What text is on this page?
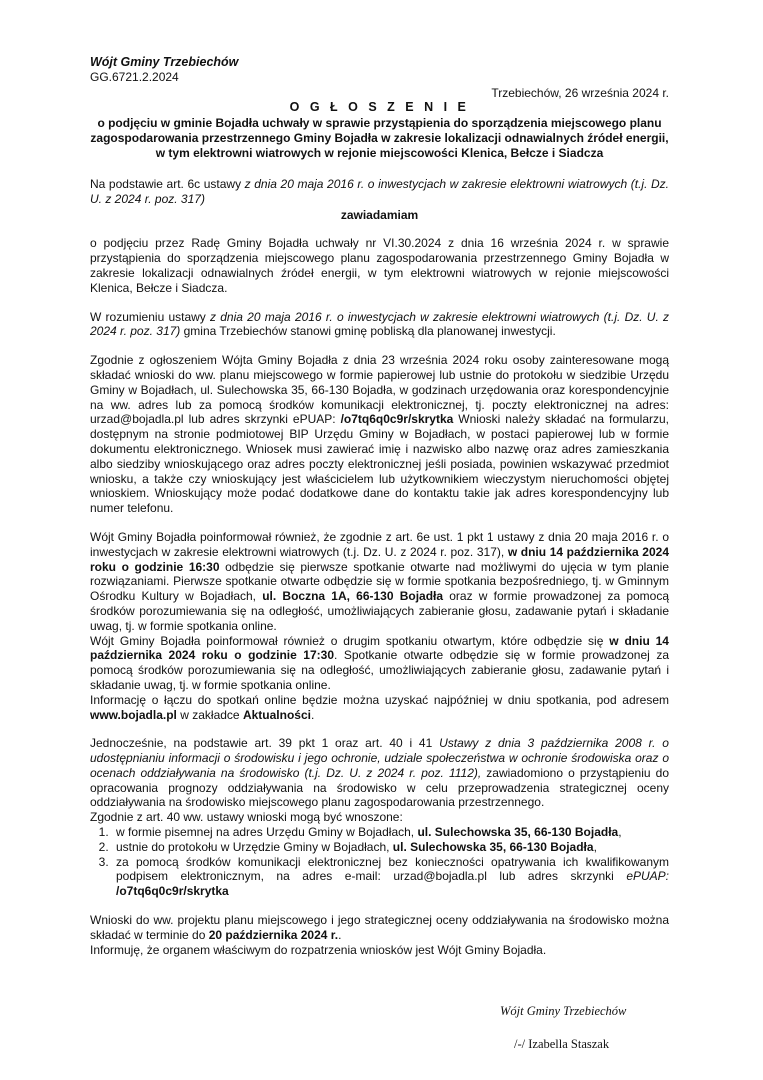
Wójt Gminy Trzebiechów
GG.6721.2.2024
Trzebiechów, 26 września 2024 r.
O G Ł O S Z E N I E
o podjęciu w gminie Bojadła uchwały w sprawie przystąpienia do sporządzenia miejscowego planu zagospodarowania przestrzennego Gminy Bojadła w zakresie lokalizacji odnawialnych źródeł energii, w tym elektrowni wiatrowych w rejonie miejscowości Klenica, Bełcze i Siadcza

Na podstawie art. 6c ustawy z dnia 20 maja 2016 r. o inwestycjach w zakresie elektrowni wiatrowych (t.j. Dz. U. z 2024 r. poz. 317)

zawiadamiam

o podjęciu przez Radę Gminy Bojadła uchwały nr VI.30.2024 z dnia 16 września 2024 r. w sprawie przystąpienia do sporządzenia miejscowego planu zagospodarowania przestrzennego Gminy Bojadła w zakresie lokalizacji odnawialnych źródeł energii, w tym elektrowni wiatrowych w rejonie miejscowości Klenica, Bełcze i Siadcza.

W rozumieniu ustawy z dnia 20 maja 2016 r. o inwestycjach w zakresie elektrowni wiatrowych (t.j. Dz. U. z 2024 r. poz. 317) gmina Trzebiechów stanowi gminę pobliską dla planowanej inwestycji.

Zgodnie z ogłoszeniem Wójta Gminy Bojadła z dnia 23 września 2024 roku osoby zainteresowane mogą składać wnioski do ww. planu miejscowego w formie papierowej lub ustnie do protokołu w siedzibie Urzędu Gminy w Bojadłach, ul. Sulechowska 35, 66-130 Bojadła, w godzinach urzędowania oraz korespondencyjnie na ww. adres lub za pomocą środków komunikacji elektronicznej, tj. poczty elektronicznej na adres: urzad@bojadla.pl lub adres skrzynki ePUAP: /o7tq6q0c9r/skrytka Wnioski należy składać na formularzu, dostępnym na stronie podmiotowej BIP Urzędu Gminy w Bojadłach, w postaci papierowej lub w formie dokumentu elektronicznego. Wniosek musi zawierać imię i nazwisko albo nazwę oraz adres zamieszkania albo siedziby wnioskującego oraz adres poczty elektronicznej jeśli posiada, powinien wskazywać przedmiot wniosku, a także czy wnioskujący jest właścicielem lub użytkownikiem wieczystym nieruchomości objętej wnioskiem. Wnioskujący może podać dodatkowe dane do kontaktu takie jak adres korespondencyjny lub numer telefonu.

Wójt Gminy Bojadła poinformował również, że zgodnie z art. 6e ust. 1 pkt 1 ustawy z dnia 20 maja 2016 r. o inwestycjach w zakresie elektrowni wiatrowych (t.j. Dz. U. z 2024 r. poz. 317), w dniu 14 października 2024 roku o godzinie 16:30 odbędzie się pierwsze spotkanie otwarte nad możliwymi do ujęcia w tym planie rozwiązaniami. Pierwsze spotkanie otwarte odbędzie się w formie spotkania bezpośredniego, tj. w Gminnym Ośrodku Kultury w Bojadłach, ul. Boczna 1A, 66-130 Bojadła oraz w formie prowadzonej za pomocą środków porozumiewania się na odległość, umożliwiających zabieranie głosu, zadawanie pytań i składanie uwag, tj. w formie spotkania online.

Wójt Gminy Bojadła poinformował również o drugim spotkaniu otwartym, które odbędzie się w dniu 14 października 2024 roku o godzinie 17:30. Spotkanie otwarte odbędzie się w formie prowadzonej za pomocą środków porozumiewania się na odległość, umożliwiających zabieranie głosu, zadawanie pytań i składanie uwag, tj. w formie spotkania online.

Informację o łączu do spotkań online będzie można uzyskać najpóźniej w dniu spotkania, pod adresem www.bojadla.pl w zakładce Aktualności.

Jednocześnie, na podstawie art. 39 pkt 1 oraz art. 40 i 41 Ustawy z dnia 3 października 2008 r. o udostępnianiu informacji o środowisku i jego ochronie, udziale społeczeństwa w ochronie środowiska oraz o ocenach oddziaływania na środowisko (t.j. Dz. U. z 2024 r. poz. 1112), zawiadomiono o przystąpieniu do opracowania prognozy oddziaływania na środowisko w celu przeprowadzenia strategicznej oceny oddziaływania na środowisko miejscowego planu zagospodarowania przestrzennego.

Zgodnie z art. 40 ww. ustawy wnioski mogą być wnoszone:

1. w formie pisemnej na adres Urzędu Gminy w Bojadłach, ul. Sulechowska 35, 66-130 Bojadła,
2. ustnie do protokołu w Urzędzie Gminy w Bojadłach, ul. Sulechowska 35, 66-130 Bojadła,
3. za pomocą środków komunikacji elektronicznej bez konieczności opatrywania ich kwalifikowanym podpisem elektronicznym, na adres e-mail: urzad@bojadla.pl lub adres skrzynki ePUAP: /o7tq6q0c9r/skrytka

Wnioski do ww. projektu planu miejscowego i jego strategicznej oceny oddziaływania na środowisko można składać w terminie do 20 października 2024 r..

Informuję, że organem właściwym do rozpatrzenia wniosków jest Wójt Gminy Bojadła.

Wójt Gminy Trzebiechów
/-/ Izabella Staszak
